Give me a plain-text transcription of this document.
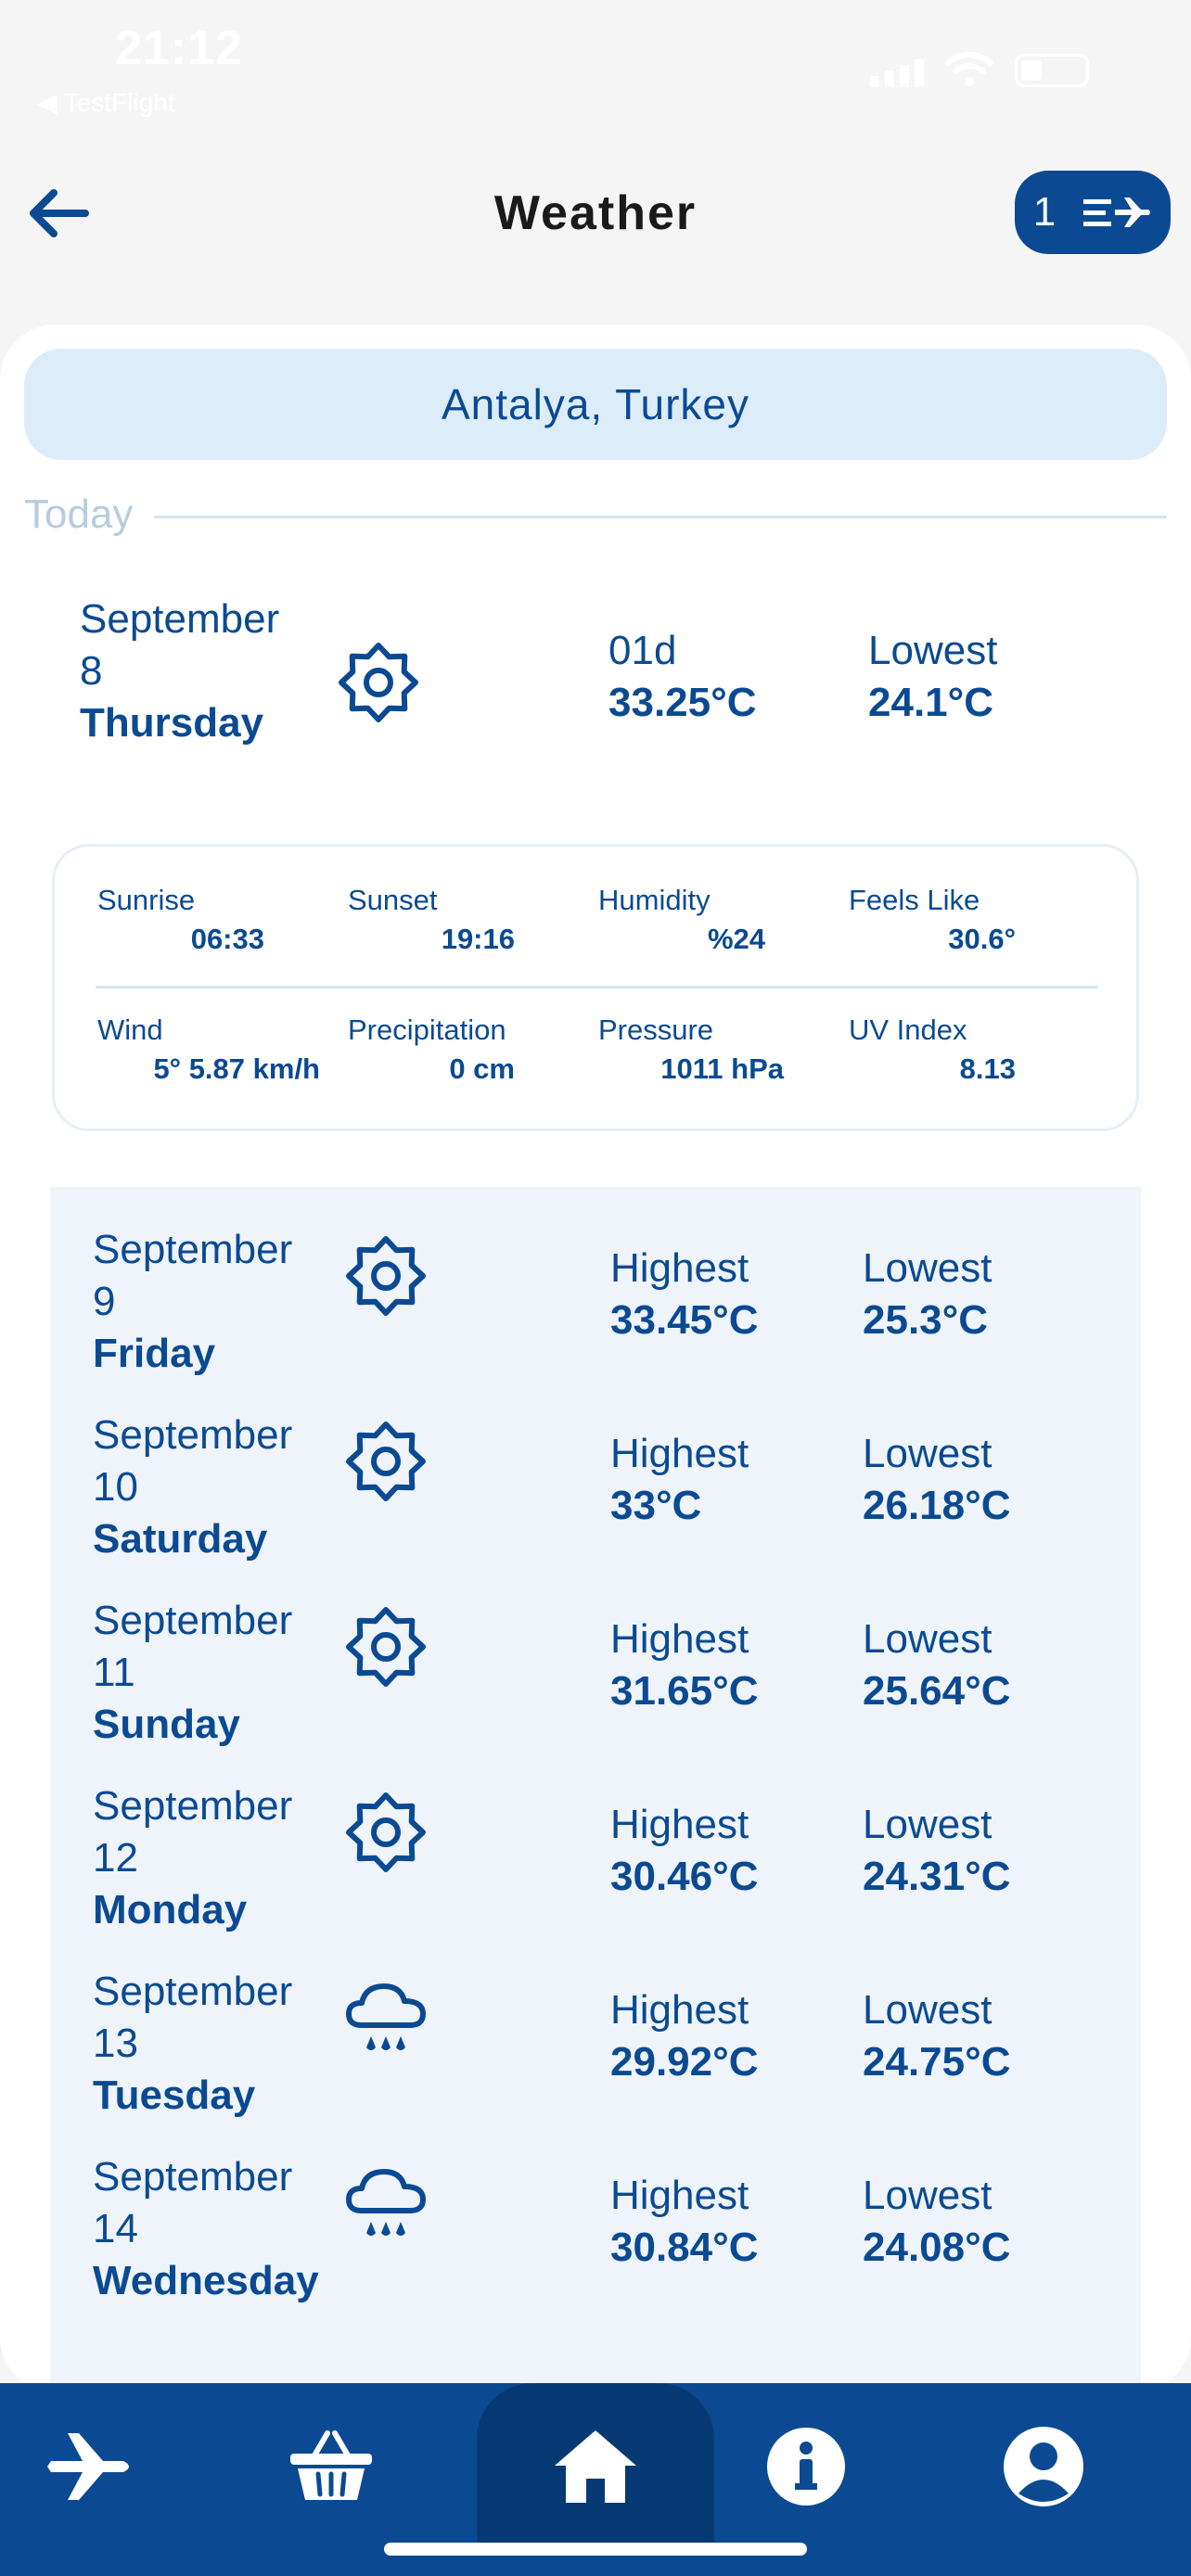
21:12
◀ TestFlight
Weather	1
Antalya, Turkey
Today
September
8
Thursday
01d
33.25°C
Lowest
24.1°C
Sunrise
06:33
Sunset
19:16
Humidity
%24
Feels Like
30.6°
Wind
5° 5.87 km/h
Precipitation
0 cm
Pressure
1011 hPa
UV Index
8.13
September
9
Friday
Highest
33.45°C
Lowest
25.3°C
September
10
Saturday
Highest
33°C
Lowest
26.18°C
September
11
Sunday
Highest
31.65°C
Lowest
25.64°C
September
12
Monday
Highest
30.46°C
Lowest
24.31°C
September
13
Tuesday
Highest
29.92°C
Lowest
24.75°C
September
14
Wednesday
Highest
30.84°C
Lowest
24.08°C
